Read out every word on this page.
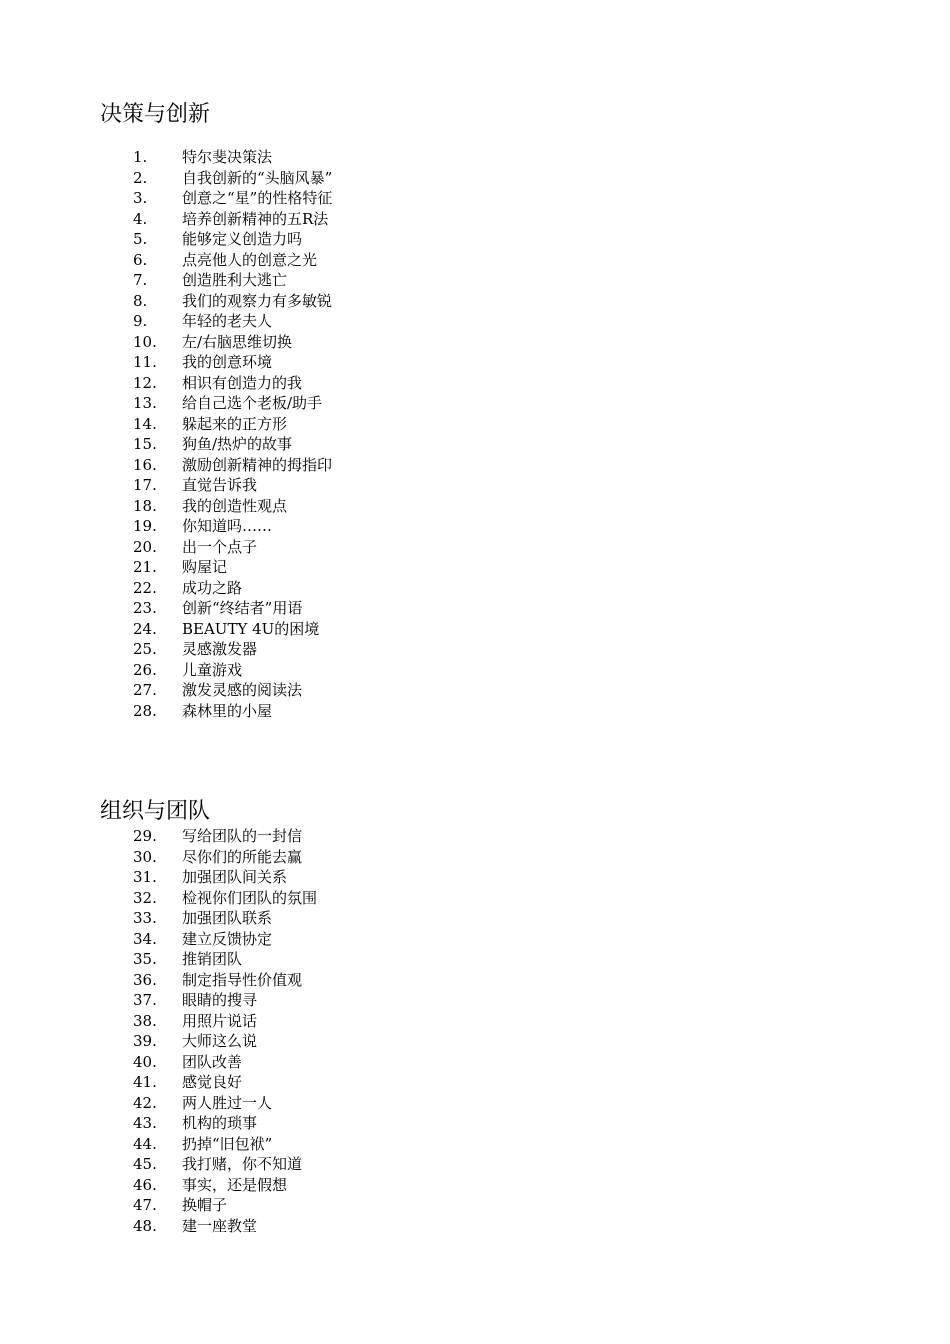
决策与创新
1.	特尔斐决策法
2.	自我创新的“头脑风暴”
3.	创意之“星”的性格特征
4.	培养创新精神的五R法
5.	能够定义创造力吗
6.	点亮他人的创意之光
7.	创造胜利大逃亡
8.	我们的观察力有多敏锐
9.	年轻的老夫人
10.	左/右脑思维切换
11.	我的创意环境
12.	相识有创造力的我
13.	给自己选个老板/助手
14.	躲起来的正方形
15.	狗鱼/热炉的故事
16.	激励创新精神的拇指印
17.	直觉告诉我
18.	我的创造性观点
19.	你知道吗……
20.	出一个点子
21.	购屋记
22.	成功之路
23.	创新“终结者”用语
24.	BEAUTY 4U的困境
25.	灵感激发器
26.	儿童游戏
27.	激发灵感的阅读法
28.	森林里的小屋
组织与团队
29.	写给团队的一封信
30.	尽你们的所能去赢
31.	加强团队间关系
32.	检视你们团队的氛围
33.	加强团队联系
34.	建立反馈协定
35.	推销团队
36.	制定指导性价值观
37.	眼睛的搜寻
38.	用照片说话
39.	大师这么说
40.	团队改善
41.	感觉良好
42.	两人胜过一人
43.	机构的琐事
44.	扔掉“旧包袱”
45.	我打赌，你不知道
46.	事实，还是假想
47.	换帽子
48.	建一座教堂
